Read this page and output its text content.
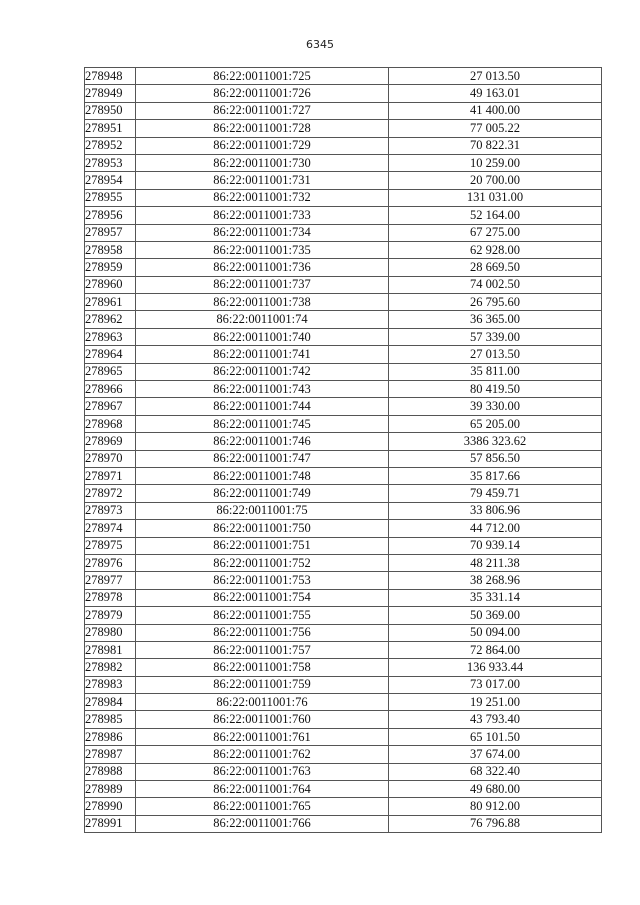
6345
278948	86:22:0011001:725	27 013.50
278949	86:22:0011001:726	49 163.01
278950	86:22:0011001:727	41 400.00
278951	86:22:0011001:728	77 005.22
278952	86:22:0011001:729	70 822.31
278953	86:22:0011001:730	10 259.00
278954	86:22:0011001:731	20 700.00
278955	86:22:0011001:732	131 031.00
278956	86:22:0011001:733	52 164.00
278957	86:22:0011001:734	67 275.00
278958	86:22:0011001:735	62 928.00
278959	86:22:0011001:736	28 669.50
278960	86:22:0011001:737	74 002.50
278961	86:22:0011001:738	26 795.60
278962	86:22:0011001:74	36 365.00
278963	86:22:0011001:740	57 339.00
278964	86:22:0011001:741	27 013.50
278965	86:22:0011001:742	35 811.00
278966	86:22:0011001:743	80 419.50
278967	86:22:0011001:744	39 330.00
278968	86:22:0011001:745	65 205.00
278969	86:22:0011001:746	3386 323.62
278970	86:22:0011001:747	57 856.50
278971	86:22:0011001:748	35 817.66
278972	86:22:0011001:749	79 459.71
278973	86:22:0011001:75	33 806.96
278974	86:22:0011001:750	44 712.00
278975	86:22:0011001:751	70 939.14
278976	86:22:0011001:752	48 211.38
278977	86:22:0011001:753	38 268.96
278978	86:22:0011001:754	35 331.14
278979	86:22:0011001:755	50 369.00
278980	86:22:0011001:756	50 094.00
278981	86:22:0011001:757	72 864.00
278982	86:22:0011001:758	136 933.44
278983	86:22:0011001:759	73 017.00
278984	86:22:0011001:76	19 251.00
278985	86:22:0011001:760	43 793.40
278986	86:22:0011001:761	65 101.50
278987	86:22:0011001:762	37 674.00
278988	86:22:0011001:763	68 322.40
278989	86:22:0011001:764	49 680.00
278990	86:22:0011001:765	80 912.00
278991	86:22:0011001:766	76 796.88
